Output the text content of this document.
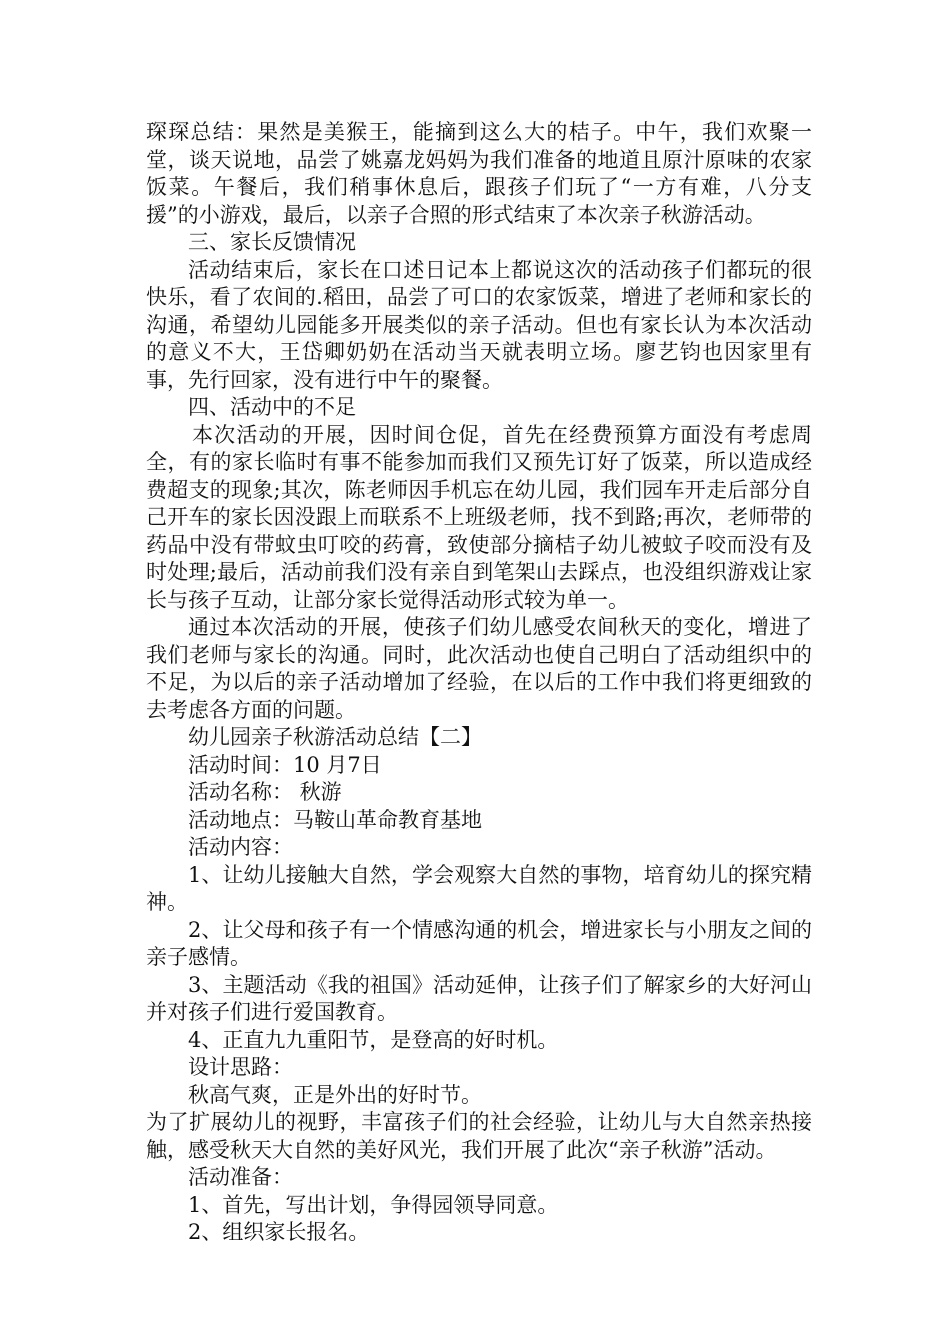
琛琛总结：果然是美猴王，能摘到这么大的桔子。中午，我们欢聚一堂，谈天说地，品尝了姚嘉龙妈妈为我们准备的地道且原汁原味的农家饭菜。午餐后，我们稍事休息后，跟孩子们玩了“一方有难，八分支援”的小游戏，最后，以亲子合照的形式结束了本次亲子秋游活动。

三、家长反馈情况

活动结束后，家长在口述日记本上都说这次的活动孩子们都玩的很快乐，看了农间的.稻田，品尝了可口的农家饭菜，增进了老师和家长的沟通，希望幼儿园能多开展类似的亲子活动。但也有家长认为本次活动的意义不大，王岱卿奶奶在活动当天就表明立场。廖艺钧也因家里有事，先行回家，没有进行中午的聚餐。

四、活动中的不足

本次活动的开展，因时间仓促，首先在经费预算方面没有考虑周全，有的家长临时有事不能参加而我们又预先订好了饭菜，所以造成经费超支的现象;其次，陈老师因手机忘在幼儿园，我们园车开走后部分自己开车的家长因没跟上而联系不上班级老师，找不到路;再次，老师带的药品中没有带蚊虫叮咬的药膏，致使部分摘桔子幼儿被蚊子咬而没有及时处理;最后，活动前我们没有亲自到笔架山去踩点，也没组织游戏让家长与孩子互动，让部分家长觉得活动形式较为单一。

通过本次活动的开展，使孩子们幼儿感受农间秋天的变化，增进了我们老师与家长的沟通。同时，此次活动也使自己明白了活动组织中的不足，为以后的亲子活动增加了经验，在以后的工作中我们将更细致的去考虑各方面的问题。

幼儿园亲子秋游活动总结【二】

活动时间：10 月7日

活动名称： 秋游

活动地点：马鞍山革命教育基地

活动内容：

1、让幼儿接触大自然，学会观察大自然的事物，培育幼儿的探究精神。

2、让父母和孩子有一个情感沟通的机会，增进家长与小朋友之间的亲子感情。

3、主题活动《我的祖国》活动延伸，让孩子们了解家乡的大好河山并对孩子们进行爱国教育。

4、正直九九重阳节，是登高的好时机。

设计思路：

秋高气爽，正是外出的好时节。

为了扩展幼儿的视野，丰富孩子们的社会经验，让幼儿与大自然亲热接触，感受秋天大自然的美好风光，我们开展了此次“亲子秋游”活动。

活动准备：

1、首先，写出计划，争得园领导同意。

2、组织家长报名。
